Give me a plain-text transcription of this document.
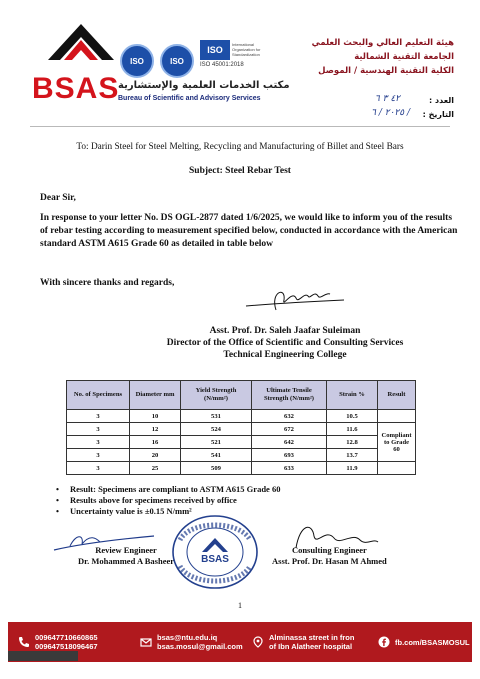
BSAS
مكتب الخدمات العلمية والإستشارية
Bureau of Scientific and Advisory Services
ISO	ISO
ISO
International Organization for Standardization
ISO 45001:2018
هيئة التعليم العالي والبحث العلمي
الجامعة التقنية الشمالية
الكلية التقنية الهندسية / الموصل
العدد :
٤٢ ٣ ٦
التاريخ :
٢٠٢٥ / ٦ /
To: Darin Steel for Steel Melting, Recycling and Manufacturing of Billet and Steel Bars
Subject: Steel Rebar Test
Dear Sir,
In response to your letter No. DS OGL-2877 dated 1/6/2025, we would like to inform you of the results of rebar testing according to measurement specified below, conducted in accordance with the American standard ASTM A615 Grade 60 as detailed in table below
With sincere thanks and regards,
Asst. Prof. Dr. Saleh Jaafar Suleiman
Director of the Office of Scientific and Consulting Services
Technical Engineering College
No. of Specimens	Diameter mm	Yield Strength (N/mm²)	Ultimate Tensile Strength (N/mm²)	Strain %	Result
3	10	531	632	10.5	
3	12	524	672	11.6	Compliant to Grade 60
3	16	521	642	12.8	
3	20	541	693	13.7	
3	25	509	633	11.9	
• Result: Specimens are compliant to ASTM A615 Grade 60
• Results above for specimens received by office
• Uncertainty value is ±0.15 N/mm²
Review Engineer
Dr. Mohammed A Basheer
Consulting Engineer
Asst. Prof. Dr. Hasan M Ahmed
BSAS
1
009647710660865
009647518096467
bsas@ntu.edu.iq
bsas.mosul@gmail.com
Alminassa street in fron
of Ibn Alatheer hospital	fb.com/BSASMOSUL
